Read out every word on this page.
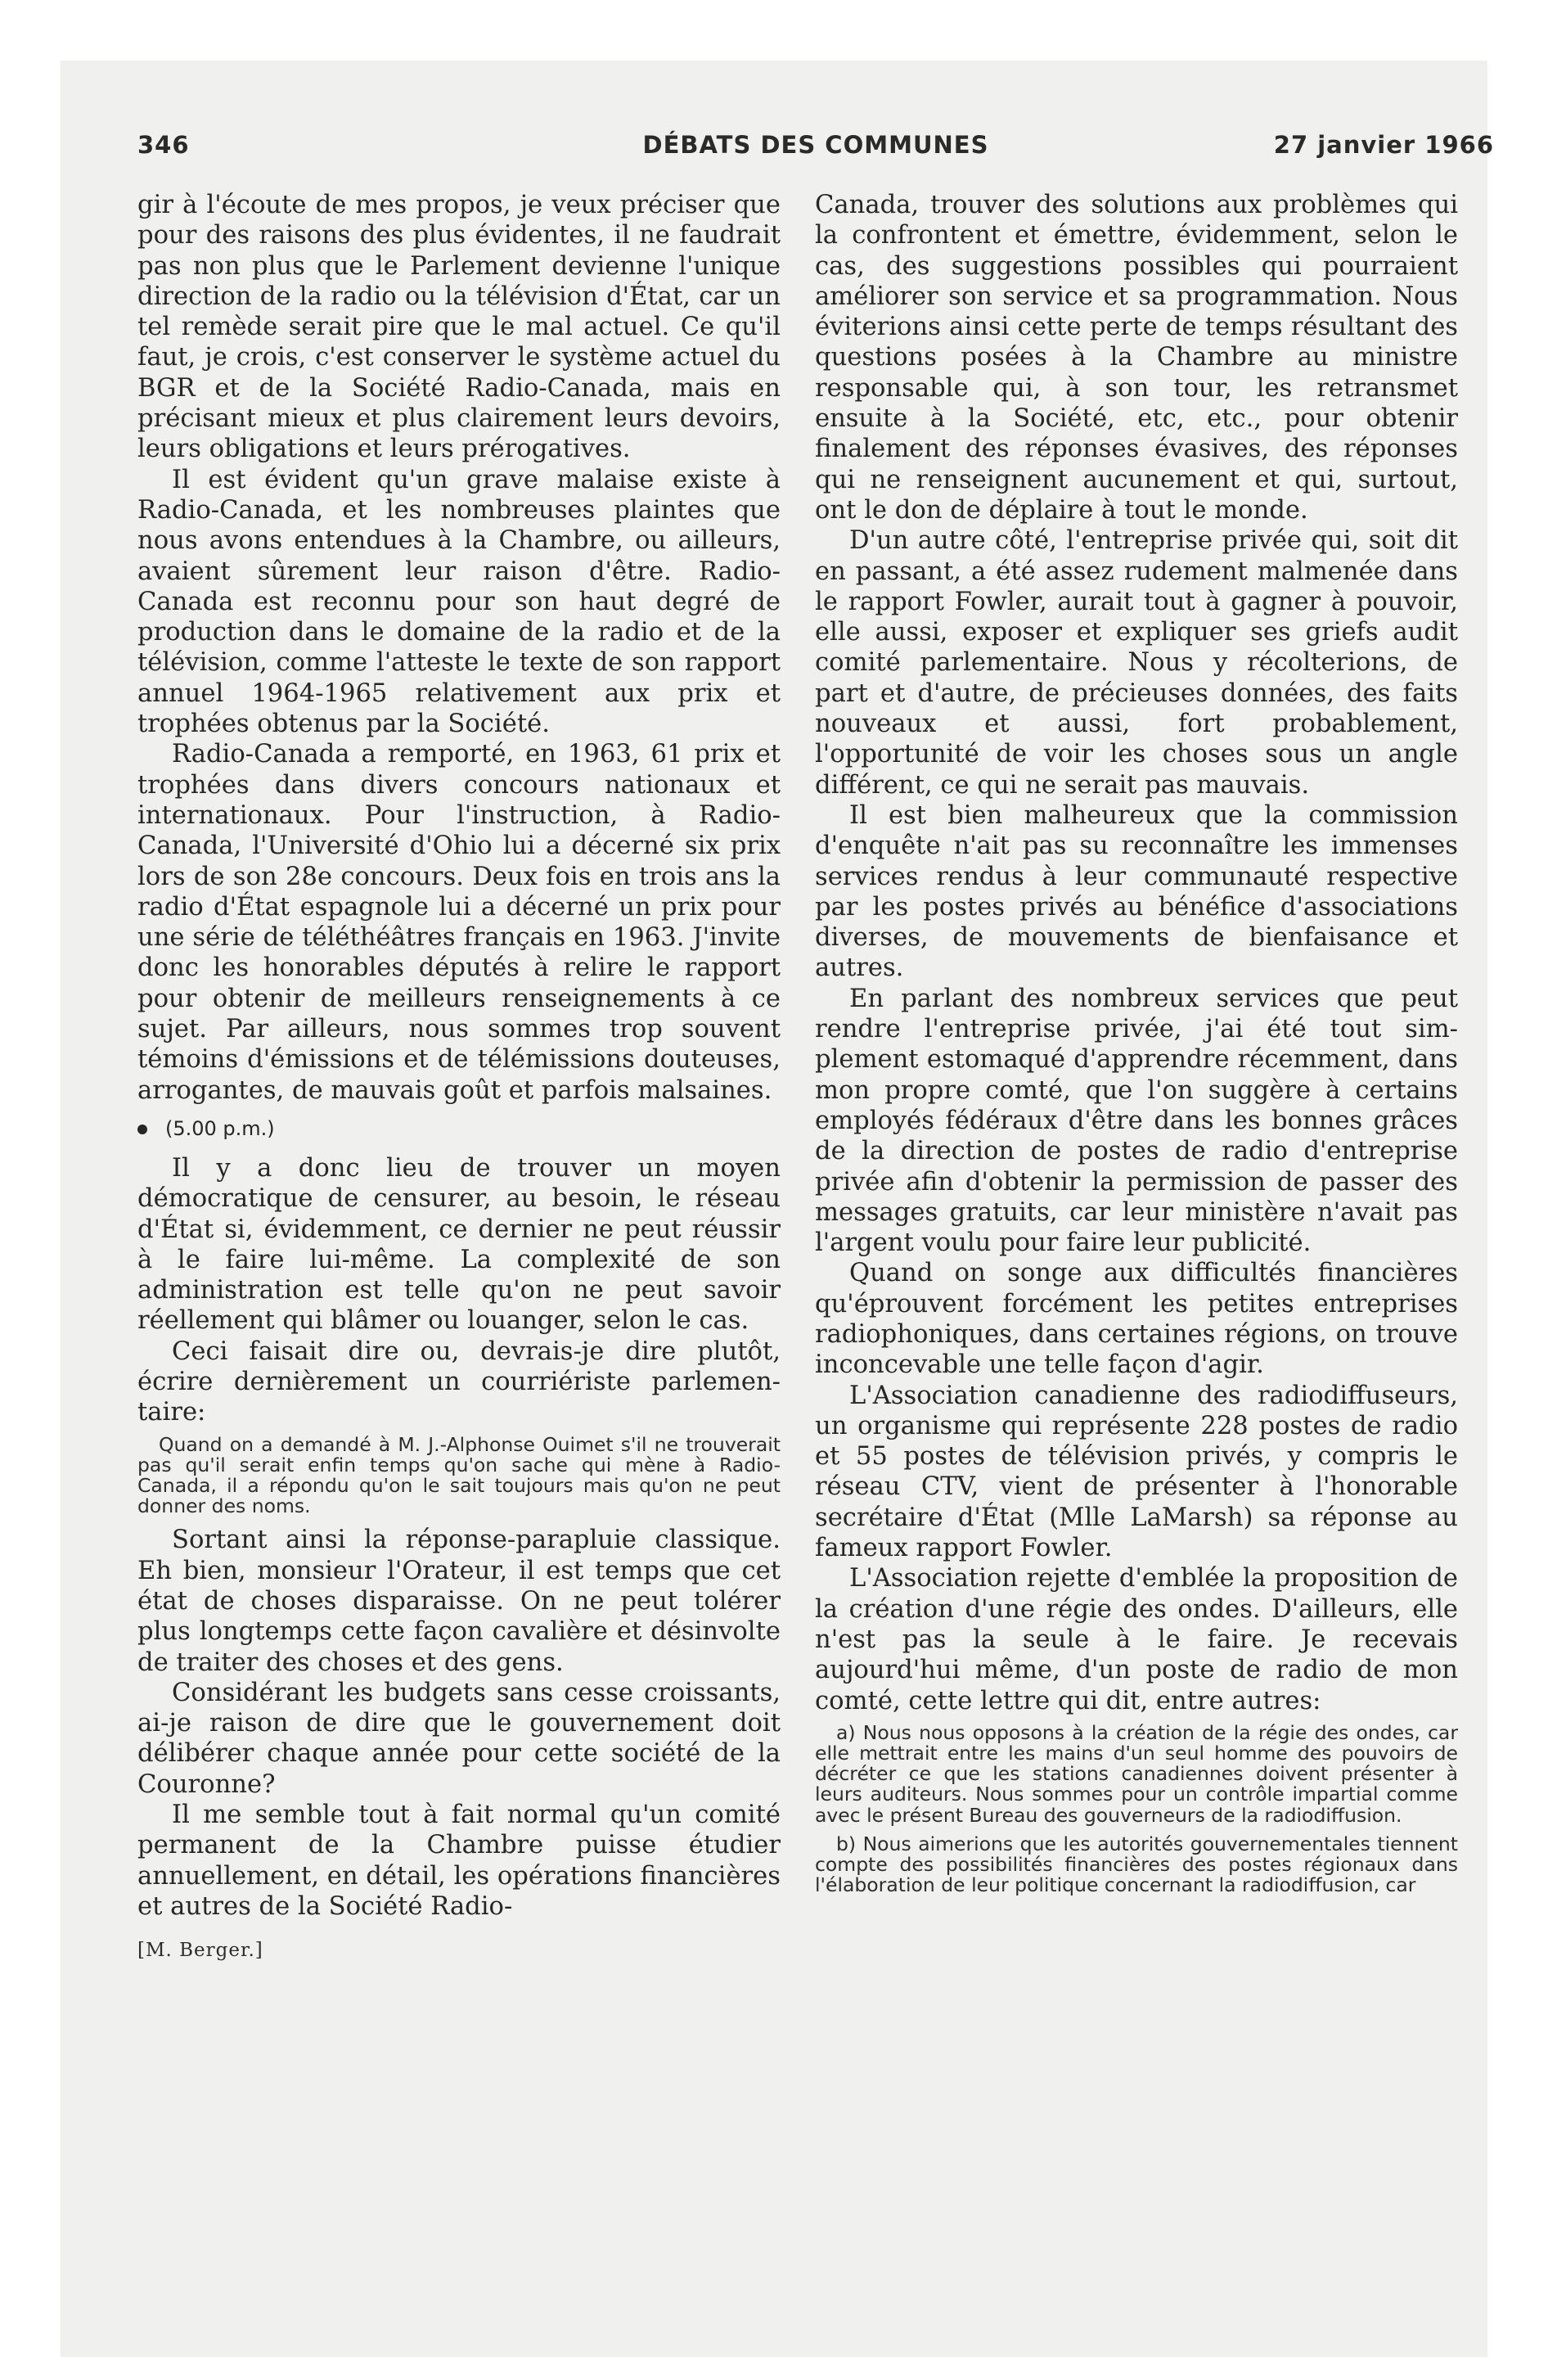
346	DÉBATS DES COMMUNES	27 janvier 1966

gir à l'écoute de mes propos, je veux préciser que pour des raisons des plus évidentes, il ne faudrait pas non plus que le Parlement devienne l'unique direction de la radio ou la télévision d'État, car un tel remède serait pire que le mal actuel. Ce qu'il faut, je crois, c'est conserver le système actuel du BGR et de la Société Radio-Canada, mais en précisant mieux et plus clairement leurs devoirs, leurs obligations et leurs prérogatives.

Il est évident qu'un grave malaise existe à Radio-Canada, et les nombreuses plaintes que nous avons entendues à la Chambre, ou ailleurs, avaient sûrement leur raison d'être. Radio-Canada est reconnu pour son haut degré de production dans le domaine de la radio et de la télévision, comme l'atteste le texte de son rapport annuel 1964-1965 relativement aux prix et trophées obtenus par la Société.

Radio-Canada a remporté, en 1963, 61 prix et trophées dans divers concours nationaux et internationaux. Pour l'instruction, à Radio-Canada, l'Université d'Ohio lui a décerné six prix lors de son 28e concours. Deux fois en trois ans la radio d'État espagnole lui a décerné un prix pour une série de téléthéâtres français en 1963. J'invite donc les honorables députés à relire le rapport pour obtenir de meilleurs renseignements à ce sujet. Par ailleurs, nous sommes trop souvent témoins d'émissions et de télémissions douteuses, arrogantes, de mauvais goût et parfois malsaines.

(5.00 p.m.)

Il y a donc lieu de trouver un moyen démocratique de censurer, au besoin, le réseau d'État si, évidemment, ce dernier ne peut réussir à le faire lui-même. La complexité de son administration est telle qu'on ne peut savoir réellement qui blâmer ou louanger, selon le cas.

Ceci faisait dire ou, devrais-je dire plutôt, écrire dernièrement un courriériste parlementaire:

Quand on a demandé à M. J.-Alphonse Ouimet s'il ne trouverait pas qu'il serait enfin temps qu'on sache qui mène à Radio-Canada, il a répondu qu'on le sait toujours mais qu'on ne peut donner des noms.

Sortant ainsi la réponse-parapluie classique. Eh bien, monsieur l'Orateur, il est temps que cet état de choses disparaisse. On ne peut tolérer plus longtemps cette façon cavalière et désinvolte de traiter des choses et des gens.

Considérant les budgets sans cesse croissants, ai-je raison de dire que le gouvernement doit délibérer chaque année pour cette société de la Couronne?

Il me semble tout à fait normal qu'un comité permanent de la Chambre puisse étudier annuellement, en détail, les opérations financières et autres de la Société Radio-

[M. Berger.]

Canada, trouver des solutions aux problèmes qui la confrontent et émettre, évidemment, selon le cas, des suggestions possibles qui pourraient améliorer son service et sa programmation. Nous éviterions ainsi cette perte de temps résultant des questions posées à la Chambre au ministre responsable qui, à son tour, les retransmet ensuite à la Société, etc, etc., pour obtenir finalement des réponses évasives, des réponses qui ne renseignent aucunement et qui, surtout, ont le don de déplaire à tout le monde.

D'un autre côté, l'entreprise privée qui, soit dit en passant, a été assez rudement malmenée dans le rapport Fowler, aurait tout à gagner à pouvoir, elle aussi, exposer et expliquer ses griefs audit comité parlementaire. Nous y récolterions, de part et d'autre, de précieuses données, des faits nouveaux et aussi, fort probablement, l'opportunité de voir les choses sous un angle différent, ce qui ne serait pas mauvais.

Il est bien malheureux que la commission d'enquête n'ait pas su reconnaître les immenses services rendus à leur communauté respective par les postes privés au bénéfice d'associations diverses, de mouvements de bienfaisance et autres.

En parlant des nombreux services que peut rendre l'entreprise privée, j'ai été tout simplement estomaqué d'apprendre récemment, dans mon propre comté, que l'on suggère à certains employés fédéraux d'être dans les bonnes grâces de la direction de postes de radio d'entreprise privée afin d'obtenir la permission de passer des messages gratuits, car leur ministère n'avait pas l'argent voulu pour faire leur publicité.

Quand on songe aux difficultés financières qu'éprouvent forcément les petites entreprises radiophoniques, dans certaines régions, on trouve inconcevable une telle façon d'agir.

L'Association canadienne des radiodiffuseurs, un organisme qui représente 228 postes de radio et 55 postes de télévision privés, y compris le réseau CTV, vient de présenter à l'honorable secrétaire d'État (Mlle LaMarsh) sa réponse au fameux rapport Fowler.

L'Association rejette d'emblée la proposition de la création d'une régie des ondes. D'ailleurs, elle n'est pas la seule à le faire. Je recevais aujourd'hui même, d'un poste de radio de mon comté, cette lettre qui dit, entre autres:

a) Nous nous opposons à la création de la régie des ondes, car elle mettrait entre les mains d'un seul homme des pouvoirs de décréter ce que les stations canadiennes doivent présenter à leurs auditeurs. Nous sommes pour un contrôle impartial comme avec le présent Bureau des gouverneurs de la radiodiffusion.

b) Nous aimerions que les autorités gouvernementales tiennent compte des possibilités financières des postes régionaux dans l'élaboration de leur politique concernant la radiodiffusion, car
